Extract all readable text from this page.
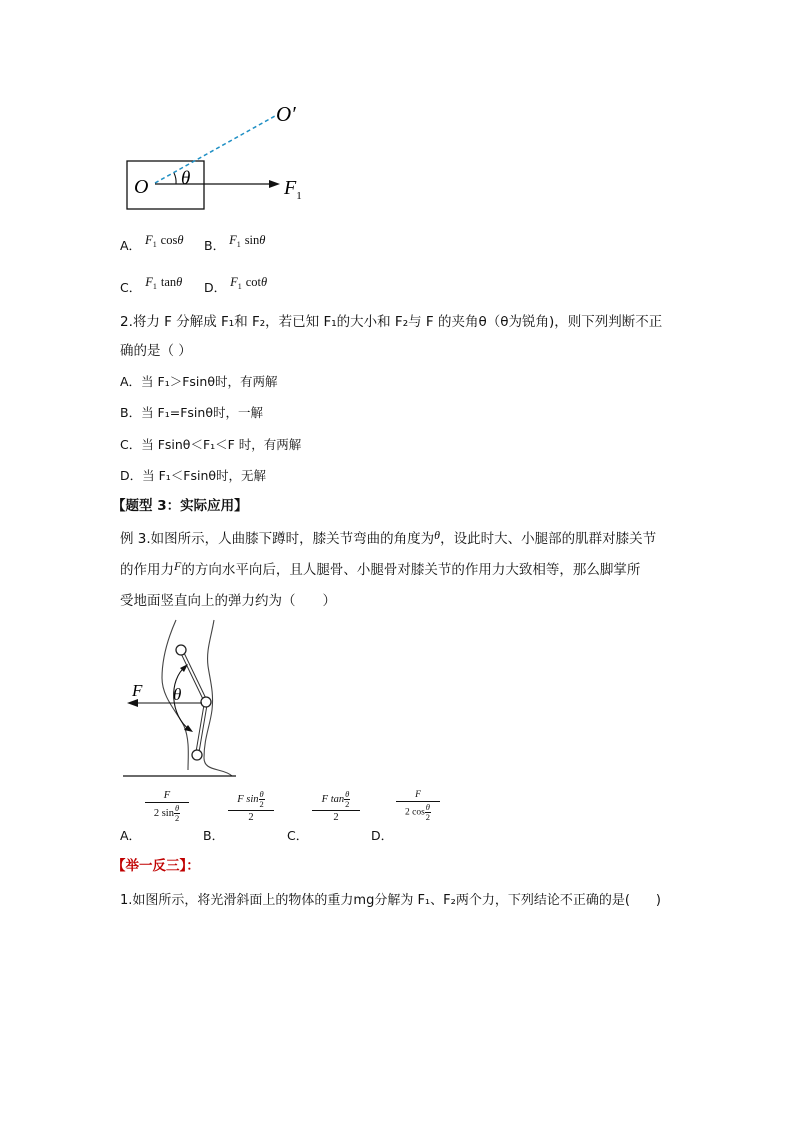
O′
O θ	$F_1$
A． $F^1$ cosθ B． $F^1$ sinθ
C． $F^1$ tanθ D． $F^1$ cotθ
2.将力 F 分解成 F₁和 F₂，若已知 F₁的大小和 F₂与 F 的夹角θ（θ为锐角)，则下列判断不正
确的是（ ）
A．当 F₁＞Fsinθ时，有两解
B．当 F₁=Fsinθ时，一解
C．当 Fsinθ＜F₁＜F 时，有两解
D．当 F₁＜Fsinθ时，无解
【题型 3：实际应用】
例 3.如图所示，人曲膝下蹲时，膝关节弯曲的角度为θ，设此时大、小腿部的肌群对膝关节
的作用力F的方向水平向后，且人腿骨、小腿骨对膝关节的作用力大致相等，那么脚掌所
受地面竖直向上的弹力约为（　　）
F θ
A．
F
2 $\sin \frac{\theta}{2}$
B．
F $\sin \frac{\theta}{2}$
2
C．
F $\tan \frac{\theta}{2}$
2
D．
F
2 $\cos \frac{\theta}{2}$
【举一反三】：
1.如图所示，将光滑斜面上的物体的重力mg分解为 F₁、F₂两个力，下列结论不正确的是(　　)
